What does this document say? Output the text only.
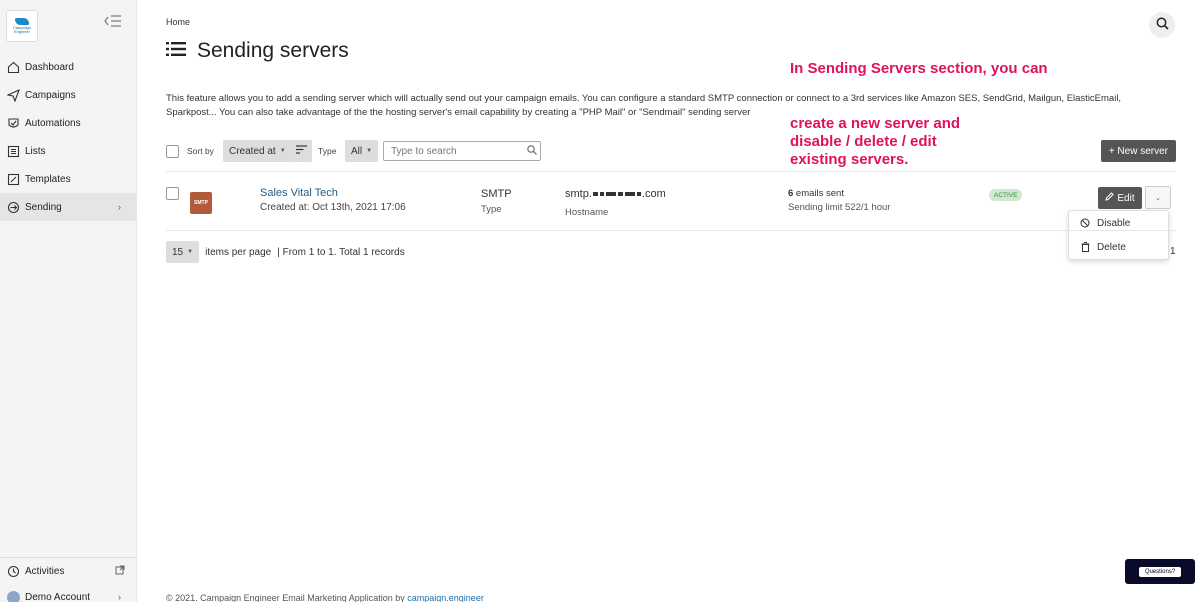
Campaign Engineer
Dashboard
Campaigns
Automations
Lists
Templates
Sending	›
Activities
Demo Account	›
Home
Sending servers
In Sending Servers section, you can
create a new server and
disable / delete / edit
existing servers.
This feature allows you to add a sending server which will actually send out your campaign emails. You can configure a standard SMTP connection or connect to a 3rd services like Amazon SES, SendGrid, Mailgun, ElasticEmail, Sparkpost... You can also take advantage of the the hosting server's email capability by creating a "PHP Mail" or "Sendmail" sending server
Sort by Created at ▼	Type All ▼
Type to search	+ New server
SMTP
Sales Vital Tech
Created at: Oct 13th, 2021 17:06
SMTP
Type
smtp.	.com
Hostname
6 emails sent
Sending limit 522/1 hour
ACTIVE	Edit	⌄
Disable
Delete
15 ▼ items per page | From 1 to 1. Total 1 records	1
© 2021. Campaign Engineer Email Marketing Application by campaign.engineer
Questions?
